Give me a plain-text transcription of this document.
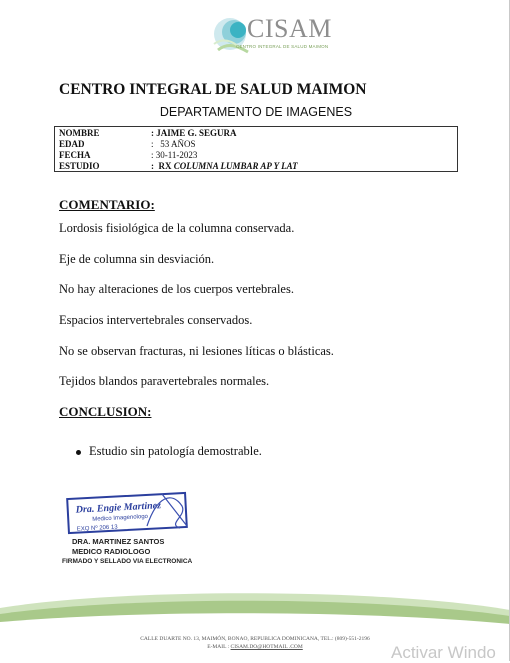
CISAM
CENTRO INTEGRAL DE SALUD MAIMON
CENTRO INTEGRAL DE SALUD MAIMON
DEPARTAMENTO DE IMAGENES
NOMBRE	: JAIME G. SEGURA
EDAD	:   53 AÑOS
FECHA	: 30-11-2023
ESTUDIO	:  RX COLUMNA LUMBAR AP Y LAT
COMENTARIO:
Lordosis fisiológica de la columna conservada.
Eje de columna sin desviación.
No hay alteraciones de los cuerpos vertebrales.
Espacios intervertebrales conservados.
No se observan fracturas, ni lesiones líticas o blásticas.
Tejidos blandos paravertebrales normales.
CONCLUSION:
Estudio sin patología demostrable.
Dra. Engie Martinez
Medico Imagenologo
EXQ Nº 206 13
DRA. MARTINEZ SANTOS
MEDICO RADIOLOGO
FIRMADO Y SELLADO VIA ELECTRONICA
CALLE DUARTE NO. 13, MAIMÓN, BONAO, REPUBLICA DOMINICANA, TEL.: (809)-551-2196
E-MAIL : CISAM.DO@HOTMAIL .COM	Activar Windo
